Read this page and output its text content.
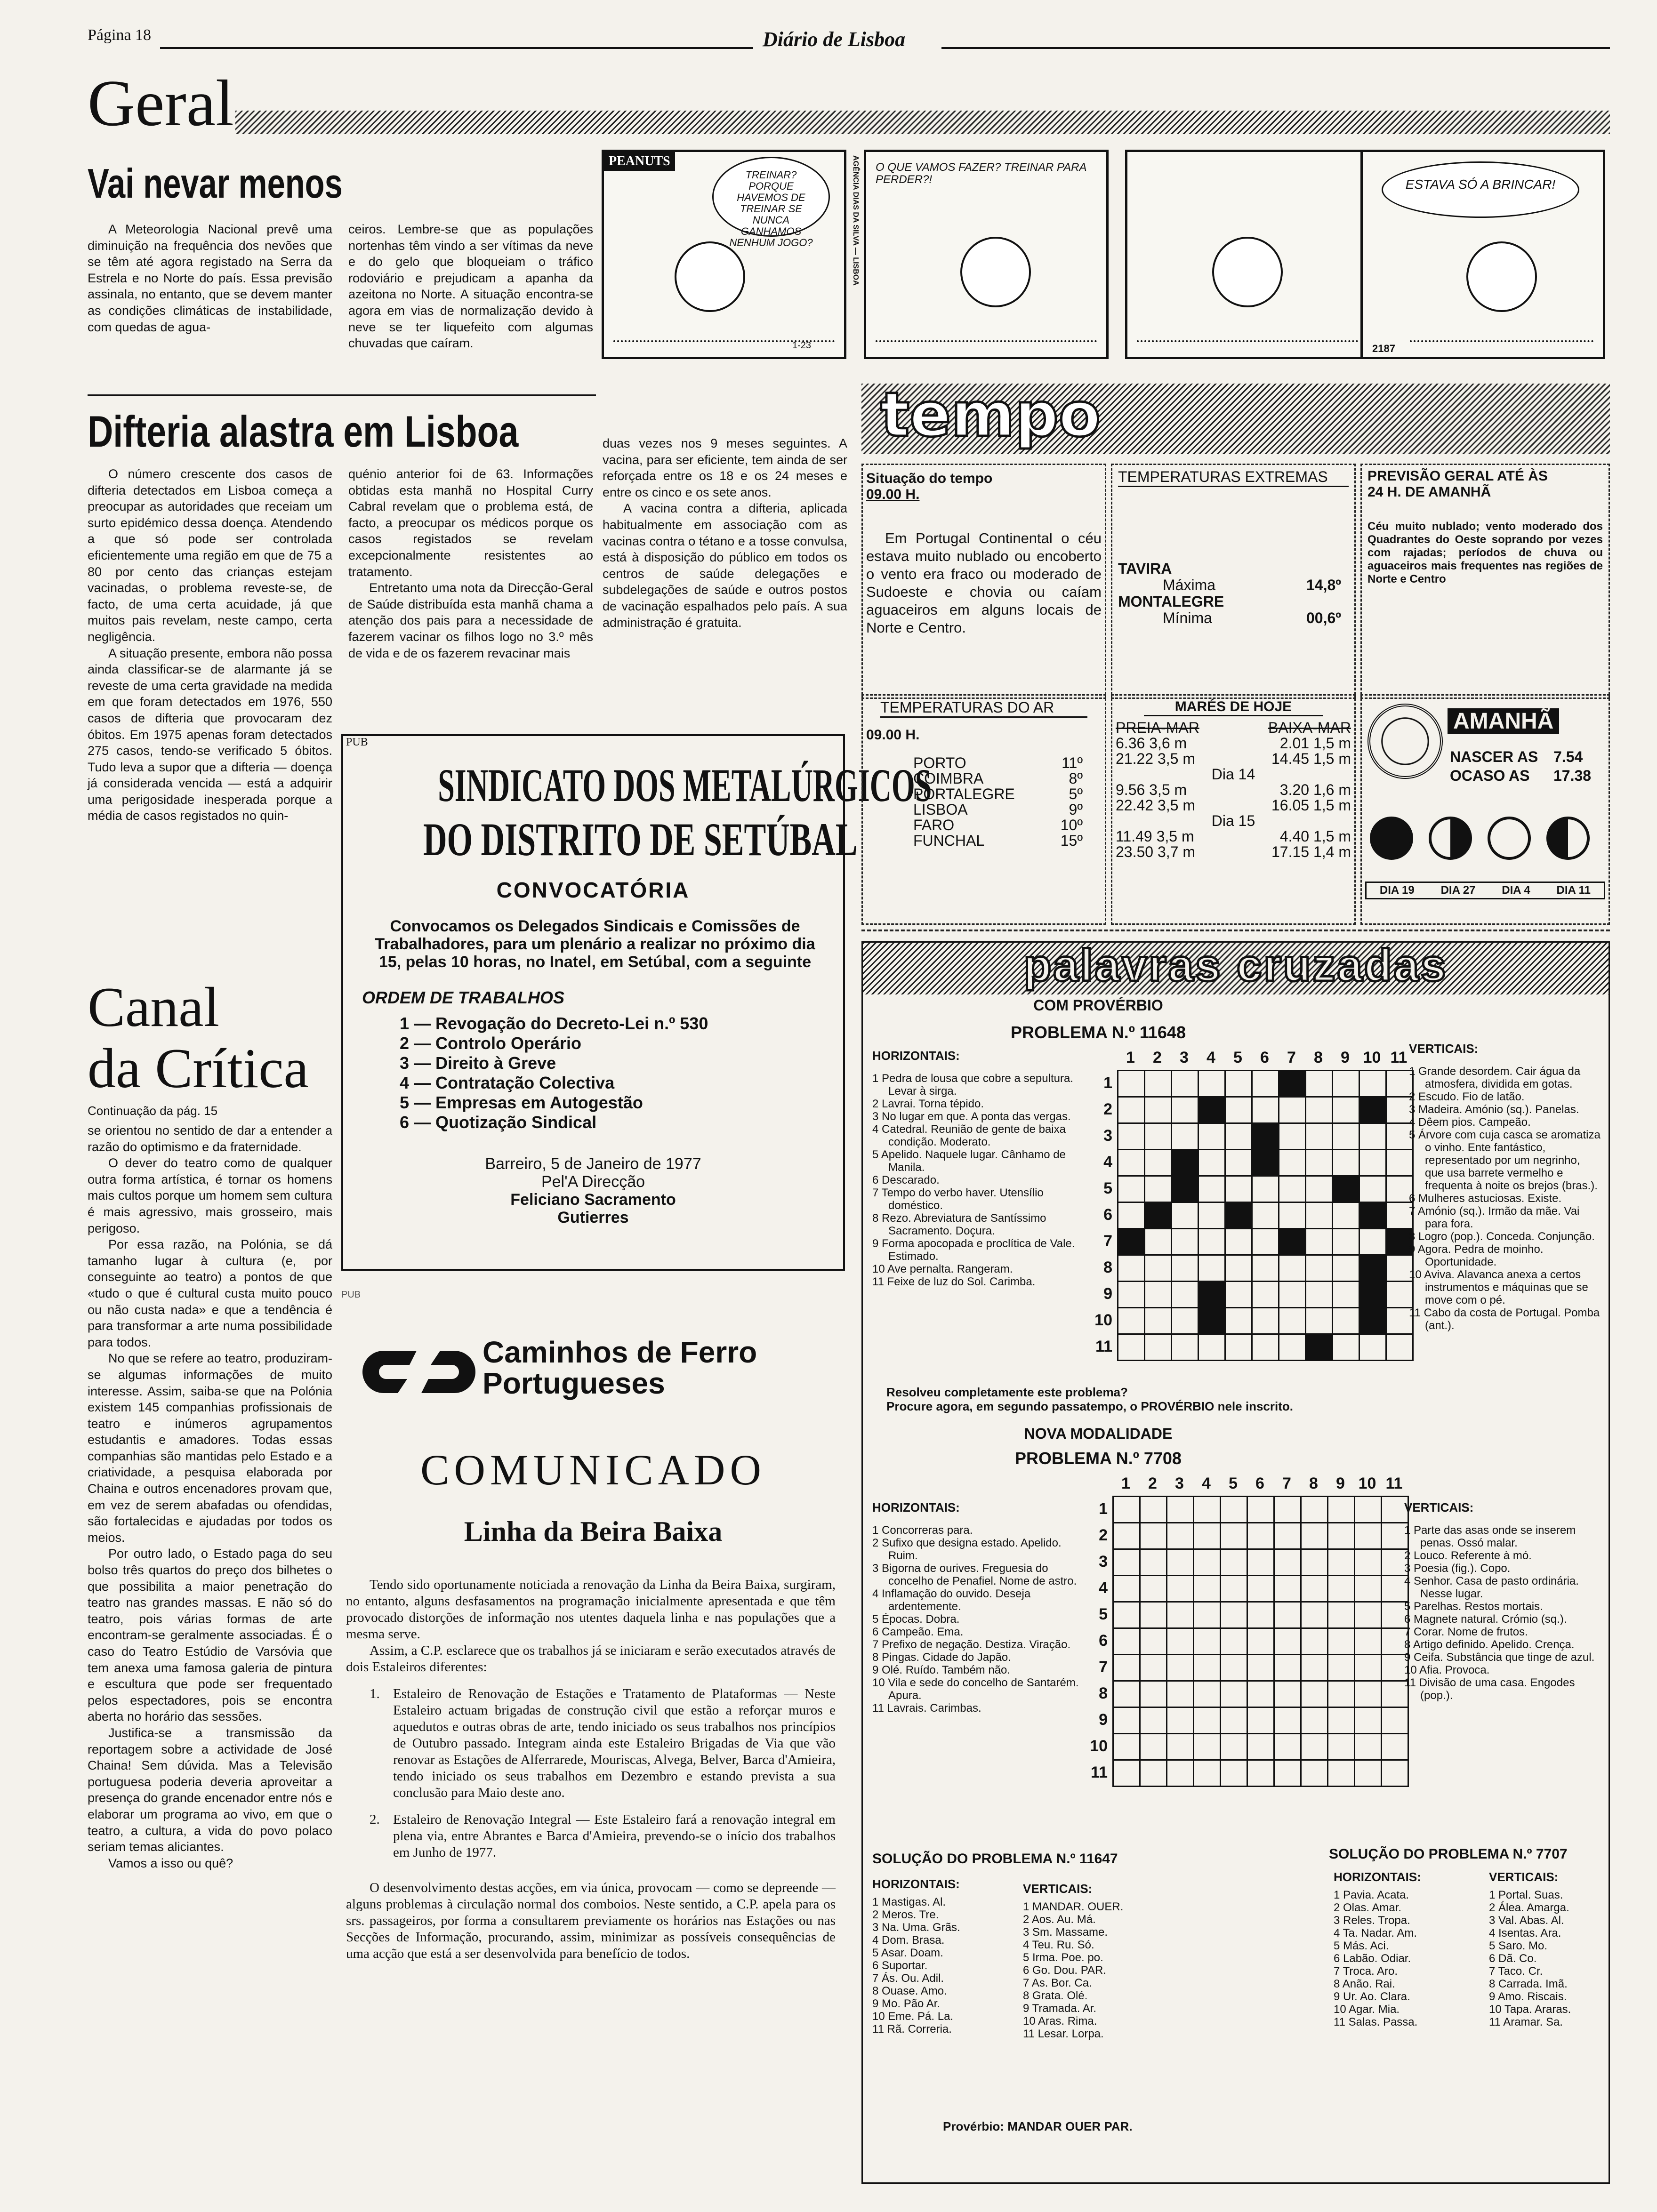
Página 18	Diário de Lisboa
Geral
Vai nevar menos

A Meteorologia Nacional prevê uma diminuição na frequência dos nevões que se têm até agora registado na Serra da Estrela e no Norte do país. Essa previsão assinala, no entanto, que se devem manter as condições climáticas de instabilidade, com quedas de agua-

ceiros. Lembre-se que as populações nortenhas têm vindo a ser vítimas da neve e do gelo que bloqueiam o tráfico rodoviário e prejudicam a apanha da azeitona no Norte. A situação encontra-se agora em vias de normalização devido à neve se ter liquefeito com algumas chuvadas que caíram.

PEANUTS
TREINAR? PORQUE HAVEMOS DE TREINAR SE NUNCA GANHAMOS NENHUM JOGO?
1-23
AGÊNCIA DIAS DA SILVA — LISBOA	O QUE VAMOS FAZER? TREINAR PARA PERDER?!	ESTAVA SÓ A BRINCAR!
2187
Difteria alastra em Lisboa

O número crescente dos casos de difteria detectados em Lisboa começa a preocupar as autoridades que receiam um surto epidémico dessa doença. Atendendo a que só pode ser controlada eficientemente uma região em que de 75 a 80 por cento das crianças estejam vacinadas, o problema reveste-se, de facto, de uma certa acuidade, já que muitos pais revelam, neste campo, certa negligência.

A situação presente, embora não possa ainda classificar-se de alarmante já se reveste de uma certa gravidade na medida em que foram detectados em 1976, 550 casos de difteria que provocaram dez óbitos. Em 1975 apenas foram detectados 275 casos, tendo-se verificado 5 óbitos. Tudo leva a supor que a difteria — doença já considerada vencida — está a adquirir uma perigosidade inesperada porque a média de casos registados no quin-

quénio anterior foi de 63. Informações obtidas esta manhã no Hospital Curry Cabral revelam que o problema está, de facto, a preocupar os médicos porque os casos registados se revelam excepcionalmente resistentes ao tratamento.

Entretanto uma nota da Direcção-Geral de Saúde distribuída esta manhã chama a atenção dos pais para a necessidade de fazerem vacinar os filhos logo no 3.º mês de vida e de os fazerem revacinar mais

duas vezes nos 9 meses seguintes. A vacina, para ser eficiente, tem ainda de ser reforçada entre os 18 e os 24 meses e entre os cinco e os sete anos.

A vacina contra a difteria, aplicada habitualmente em associação com as vacinas contra o tétano e a tosse convulsa, está à disposição do público em todos os centros de saúde delegações e subdelegações de saúde e outros postos de vacinação espalhados pelo país. A sua administração é gratuita.

Canal
da Crítica
Continuação da pág. 15

se orientou no sentido de dar a entender a razão do optimismo e da fraternidade.

O dever do teatro como de qualquer outra forma artística, é tornar os homens mais cultos porque um homem sem cultura é mais agressivo, mais grosseiro, mais perigoso.

Por essa razão, na Polónia, se dá tamanho lugar à cultura (e, por conseguinte ao teatro) a pontos de que «tudo o que é cultural custa muito pouco ou não custa nada» e que a tendência é para transformar a arte numa possibilidade para todos.

No que se refere ao teatro, produziram-se algumas informações de muito interesse. Assim, saiba-se que na Polónia existem 145 companhias profissionais de teatro e inúmeros agrupamentos estudantis e amadores. Todas essas companhias são mantidas pelo Estado e a criatividade, a pesquisa elaborada por Chaina e outros encenadores provam que, em vez de serem abafadas ou ofendidas, são fortalecidas e ajudadas por todos os meios.

Por outro lado, o Estado paga do seu bolso três quartos do preço dos bilhetes o que possibilita a maior penetração do teatro nas grandes massas. E não só do teatro, pois várias formas de arte encontram-se geralmente associadas. É o caso do Teatro Estúdio de Varsóvia que tem anexa uma famosa galeria de pintura e escultura que pode ser frequentado pelos espectadores, pois se encontra aberta no horário das sessões.

Justifica-se a transmissão da reportagem sobre a actividade de José Chaina! Sem dúvida. Mas a Televisão portuguesa poderia deveria aproveitar a presença do grande encenador entre nós e elaborar um programa ao vivo, em que o teatro, a cultura, a vida do povo polaco seriam temas aliciantes.

Vamos a isso ou quê?

PUB
SINDICATO DOS METALÚRGICOS
DO DISTRITO DE SETÚBAL
CONVOCATÓRIA
Convocamos os Delegados Sindicais e Comissões de Trabalhadores, para um plenário a realizar no próximo dia 15, pelas 10 horas, no Inatel, em Setúbal, com a seguinte
ORDEM DE TRABALHOS
1 — Revogação do Decreto-Lei n.º 530
2 — Controlo Operário
3 — Direito à Greve
4 — Contratação Colectiva
5 — Empresas em Autogestão
6 — Quotização Sindical
Barreiro, 5 de Janeiro de 1977
Pel'A Direcção
Feliciano Sacramento
Gutierres
PUB
Caminhos de Ferro
Portugueses
COMUNICADO
Linha da Beira Baixa

Tendo sido oportunamente noticiada a renovação da Linha da Beira Baixa, surgiram, no entanto, alguns desfasamentos na programação inicialmente apresentada e que têm provocado distorções de informação nos utentes daquela linha e nas populações que a mesma serve.

Assim, a C.P. esclarece que os trabalhos já se iniciaram e serão executados através de dois Estaleiros diferentes:

1. Estaleiro de Renovação de Estações e Tratamento de Plataformas — Neste Estaleiro actuam brigadas de construção civil que estão a reforçar muros e aquedutos e outras obras de arte, tendo iniciado os seus trabalhos nos princípios de Outubro passado. Integram ainda este Estaleiro Brigadas de Via que vão renovar as Estações de Alferrarede, Mouriscas, Alvega, Belver, Barca d'Amieira, tendo iniciado os seus trabalhos em Dezembro e estando prevista a sua conclusão para Maio deste ano.
2. Estaleiro de Renovação Integral — Este Estaleiro fará a renovação integral em plena via, entre Abrantes e Barca d'Amieira, prevendo-se o início dos trabalhos em Junho de 1977.

O desenvolvimento destas acções, em via única, provocam — como se depreende — alguns problemas à circulação normal dos comboios. Neste sentido, a C.P. apela para os srs. passageiros, por forma a consultarem previamente os horários nas Estações ou nas Secções de Informação, procurando, assim, minimizar as possíveis consequências de uma acção que está a ser desenvolvida para benefício de todos.

tempo
Situação do tempo
09.00 H.
Em Portugal Continental o céu estava muito nublado ou encoberto o vento era fraco ou moderado de Sudoeste e chovia ou caíam aguaceiros em alguns locais de Norte e Centro.
TEMPERATURAS EXTREMAS
TAVIRA
Máxima	14,8º
MONTALEGRE
Mínima	00,6º
PREVISÃO GERAL ATÉ ÀS 24 H. DE AMANHÃ
Céu muito nublado; vento moderado dos Quadrantes do Oeste soprando por vezes com rajadas; períodos de chuva ou aguaceiros mais frequentes nas regiões de Norte e Centro
TEMPERATURAS DO AR
09.00 H.
PORTO	11º
COIMBRA	8º
PORTALEGRE	5º
LISBOA	9º
FARO	10º
FUNCHAL	15º
MARÉS DE HOJE
PREIA-MAR	BAIXA-MAR
6.36 3,6 m	2.01 1,5 m
21.22 3,5 m	14.45 1,5 m
Dia 14
9.56 3,5 m	3.20 1,6 m
22.42 3,5 m	16.05 1,5 m
Dia 15
11.49 3,5 m	4.40 1,5 m
23.50 3,7 m	17.15 1,4 m
AMANHÃ
NASCER AS 7.54
OCASO AS 17.38
DIA 19 DIA 27 DIA 4 DIA 11
palavras cruzadas
COM PROVÉRBIO
PROBLEMA N.º 11648
HORIZONTAIS:
1 Pedra de lousa que cobre a sepultura. Levar à sirga.
2 Lavrai. Torna tépido.
3 No lugar em que. A ponta das vergas.
4 Catedral. Reunião de gente de baixa condição. Moderato.
5 Apelido. Naquele lugar. Cânhamo de Manila.
6 Descarado.
7 Tempo do verbo haver. Utensílio doméstico.
8 Rezo. Abreviatura de Santíssimo Sacramento. Doçura.
9 Forma apocopada e proclítica de Vale. Estimado.
10 Ave pernalta. Rangeram.
11 Feixe de luz do Sol. Carimba.
1 2 3 4 5 6 7 8 9 10 11
1
2
3
4
5
6
7
8
9
10
11

VERTICAIS:
1 Grande desordem. Cair água da atmosfera, dividida em gotas.
2 Escudo. Fio de latão.
3 Madeira. Amónio (sq.). Panelas.
4 Dêem pios. Campeão.
5 Árvore com cuja casca se aromatiza o vinho. Ente fantástico, representado por um negrinho, que usa barrete vermelho e frequenta à noite os brejos (bras.).
6 Mulheres astuciosas. Existe.
7 Amónio (sq.). Irmão da mãe. Vai para fora.
8 Logro (pop.). Conceda. Conjunção.
9 Agora. Pedra de moinho. Oportunidade.
10 Aviva. Alavanca anexa a certos instrumentos e máquinas que se move com o pé.
11 Cabo da costa de Portugal. Pomba (ant.).
Resolveu completamente este problema?
Procure agora, em segundo passatempo, o PROVÉRBIO nele inscrito.
NOVA MODALIDADE
PROBLEMA N.º 7708
HORIZONTAIS:
1 Concorreras para.
2 Sufixo que designa estado. Apelido. Ruim.
3 Bigorna de ourives. Freguesia do concelho de Penafiel. Nome de astro.
4 Inflamação do ouvido. Deseja ardentemente.
5 Épocas. Dobra.
6 Campeão. Ema.
7 Prefixo de negação. Destiza. Viração.
8 Pingas. Cidade do Japão.
9 Olé. Ruído. Também não.
10 Vila e sede do concelho de Santarém. Apura.
11 Lavrais. Carimbas.
1 2 3 4 5 6 7 8 9 10 11
1
2
3
4
5
6
7
8
9
10
11

VERTICAIS:
1 Parte das asas onde se inserem penas. Ossó malar.
2 Louco. Referente à mó.
3 Poesia (fig.). Copo.
4 Senhor. Casa de pasto ordinária. Nesse lugar.
5 Parelhas. Restos mortais.
6 Magnete natural. Crómio (sq.).
7 Corar. Nome de frutos.
8 Artigo definido. Apelido. Crença.
9 Ceifa. Substância que tinge de azul.
10 Afia. Provoca.
11 Divisão de uma casa. Engodes (pop.).
SOLUÇÃO DO PROBLEMA N.º 11647	SOLUÇÃO DO PROBLEMA N.º 7707
HORIZONTAIS:	VERTICAIS:
HORIZONTAIS:	VERTICAIS:
1 Mastigas. Al.
2 Meros. Tre.
3 Na. Uma. Grãs.
4 Dom. Brasa.
5 Asar. Doam.
6 Suportar.
7 Ás. Ou. Adil.
8 Ouase. Amo.
9 Mo. Pão Ar.
10 Eme. Pá. La.
11 Rã. Correria.
1 MANDAR. OUER.
2 Aos. Au. Má.
3 Sm. Massame.
4 Teu. Ru. Só.
5 Irma. Poe. po.
6 Go. Dou. PAR.
7 As. Bor. Ca.
8 Grata. Olé.
9 Tramada. Ar.
10 Aras. Rima.
11 Lesar. Lorpa.
1 Pavia. Acata.
2 Olas. Amar.
3 Reles. Tropa.
4 Ta. Nadar. Am.
5 Más. Aci.
6 Labão. Odiar.
7 Troca. Aro.
8 Anão. Rai.
9 Ur. Ao. Clara.
10 Agar. Mia.
11 Salas. Passa.
1 Portal. Suas.
2 Álea. Amarga.
3 Val. Abas. Al.
4 Isentas. Ara.
5 Saro. Mo.
6 Dã. Co.
7 Taco. Cr.
8 Carrada. Imã.
9 Amo. Riscais.
10 Tapa. Araras.
11 Aramar. Sa.
Provérbio: MANDAR OUER PAR.
